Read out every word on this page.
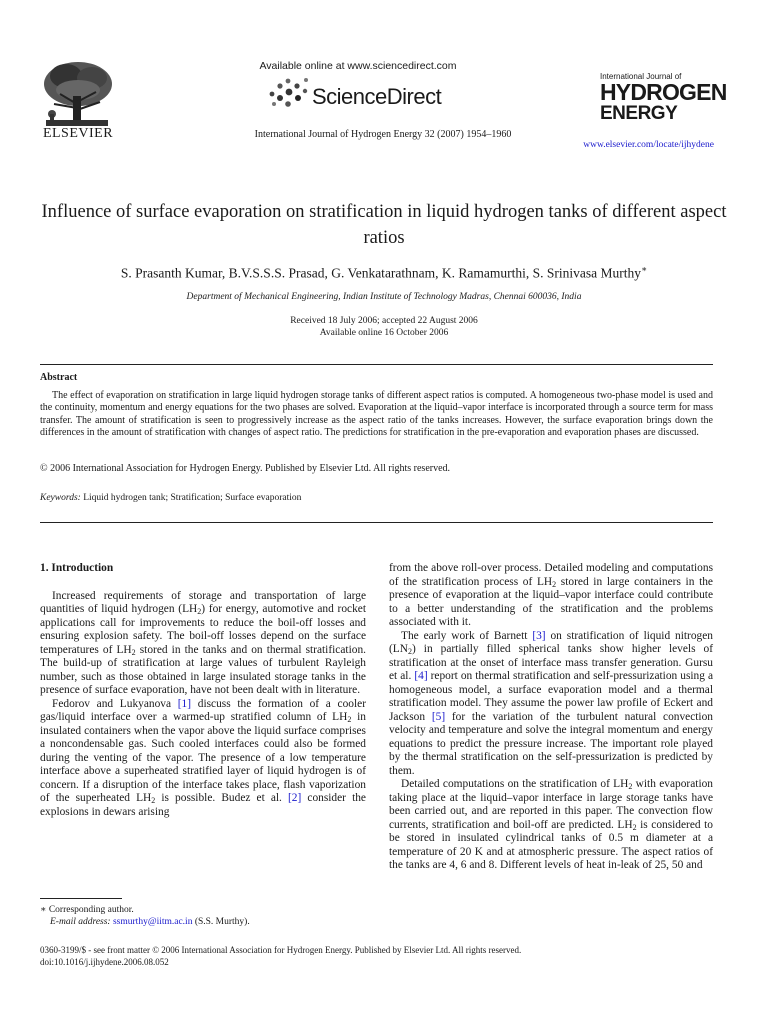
ELSEVIER
Available online at www.sciencedirect.com
ScienceDirect
International Journal of Hydrogen Energy 32 (2007) 1954–1960
International Journal of
HYDROGEN
ENERGY
www.elsevier.com/locate/ijhydene
Influence of surface evaporation on stratification in liquid hydrogen tanks of different aspect ratios
S. Prasanth Kumar, B.V.S.S.S. Prasad, G. Venkatarathnam, K. Ramamurthi, S. Srinivasa Murthy∗
Department of Mechanical Engineering, Indian Institute of Technology Madras, Chennai 600036, India
Received 18 July 2006; accepted 22 August 2006
Available online 16 October 2006
Abstract
The effect of evaporation on stratification in large liquid hydrogen storage tanks of different aspect ratios is computed. A homogeneous two-phase model is used and the continuity, momentum and energy equations for the two phases are solved. Evaporation at the liquid–vapor interface is incorporated through a source term for mass transfer. The amount of stratification is seen to progressively increase as the aspect ratio of the tanks increases. However, the surface evaporation brings down the differences in the amount of stratification with changes of aspect ratio. The predictions for stratification in the pre-evaporation and evaporation phases are discussed.
© 2006 International Association for Hydrogen Energy. Published by Elsevier Ltd. All rights reserved.
Keywords: Liquid hydrogen tank; Stratification; Surface evaporation
1. Introduction

Increased requirements of storage and transportation of large quantities of liquid hydrogen $(LH_2)$ for energy, automotive and rocket applications call for improvements to reduce the boil-off losses and ensuring explosion safety. The boil-off losses depend on the surface temperatures of $LH_2$ stored in the tanks and on thermal stratification. The build-up of stratification at large values of turbulent Rayleigh number, such as those obtained in large insulated storage tanks in the presence of surface evaporation, have not been dealt with in literature.

Fedorov and Lukyanova [1] discuss the formation of a cooler gas/liquid interface over a warmed-up stratified column of $LH_2$ in insulated containers when the vapor above the liquid surface comprises a noncondensable gas. Such cooled interfaces could also be formed during the venting of the vapor. The presence of a low temperature interface above a superheated stratified layer of liquid hydrogen is of concern. If a disruption of the interface takes place, flash vaporization of the superheated $LH_2$ is possible. Budez et al. [2] consider the explosions in dewars arising

from the above roll-over process. Detailed modeling and computations of the stratification process of $LH_2$ stored in large containers in the presence of evaporation at the liquid–vapor interface could contribute to a better understanding of the stratification and the problems associated with it.

The early work of Barnett [3] on stratification of liquid nitrogen $(LN_2)$ in partially filled spherical tanks show higher levels of stratification at the onset of interface mass transfer generation. Gursu et al. [4] report on thermal stratification and self-pressurization using a homogeneous model, a surface evaporation model and a thermal stratification model. They assume the power law profile of Eckert and Jackson [5] for the variation of the turbulent natural convection velocity and temperature and solve the integral momentum and energy equations to predict the pressure increase. The important role played by the thermal stratification on the self-pressurization is predicted by them.

Detailed computations on the stratification of $LH_2$ with evaporation taking place at the liquid–vapor interface in large storage tanks have been carried out, and are reported in this paper. The convection flow currents, stratification and boil-off are predicted. $LH_2$ is considered to be stored in insulated cylindrical tanks of 0.5 m diameter at a temperature of 20 K and at atmospheric pressure. The aspect ratios of the tanks are 4, 6 and 8. Different levels of heat in-leak of 25, 50 and

∗ Corresponding author.
E-mail address: ssmurthy@iitm.ac.in (S.S. Murthy).
0360-3199/$ - see front matter © 2006 International Association for Hydrogen Energy. Published by Elsevier Ltd. All rights reserved.
doi:10.1016/j.ijhydene.2006.08.052
